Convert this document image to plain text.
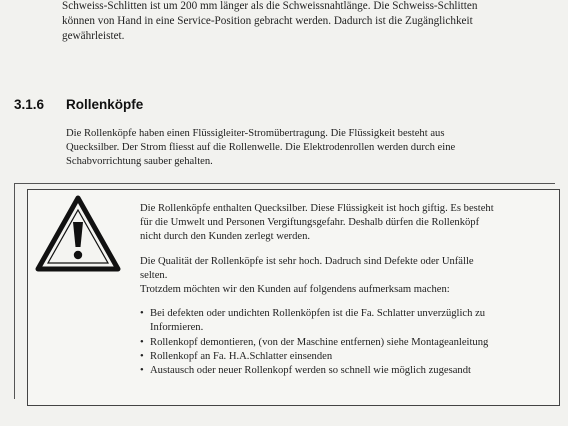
Schweiss-Schlitten ist um 200 mm länger als die Schweissnahtlänge. Die Schweiss-Schlitten
können von Hand in eine Service-Position gebracht werden. Dadurch ist die Zugänglichkeit
gewährleistet.
3.1.6 Rollenköpfe

Die Rollenköpfe haben einen Flüssigleiter-Stromübertragung. Die Flüssigkeit besteht aus

Quecksilber. Der Strom fliesst auf die Rollenwelle. Die Elektrodenrollen werden durch eine

Schabvorrichtung sauber gehalten.

Die Rollenköpfe enthalten Quecksilber. Diese Flüssigkeit ist hoch giftig. Es besteht

für die Umwelt und Personen Vergiftungsgefahr. Deshalb dürfen die Rollenköpf

nicht durch den Kunden zerlegt werden.

Die Qualität der Rollenköpfe ist sehr hoch. Dadruch sind Defekte oder Unfälle

selten.

Trotzdem möchten wir den Kunden auf folgendens aufmerksam machen:

• Bei defekten oder undichten Rollenköpfen ist die Fa. Schlatter unverzüglich zu
Informieren.
• Rollenkopf demontieren, (von der Maschine entfernen) siehe Montageanleitung
• Rollenkopf an Fa. H.A.Schlatter einsenden
• Austausch oder neuer Rollenkopf werden so schnell wie möglich zugesandt
